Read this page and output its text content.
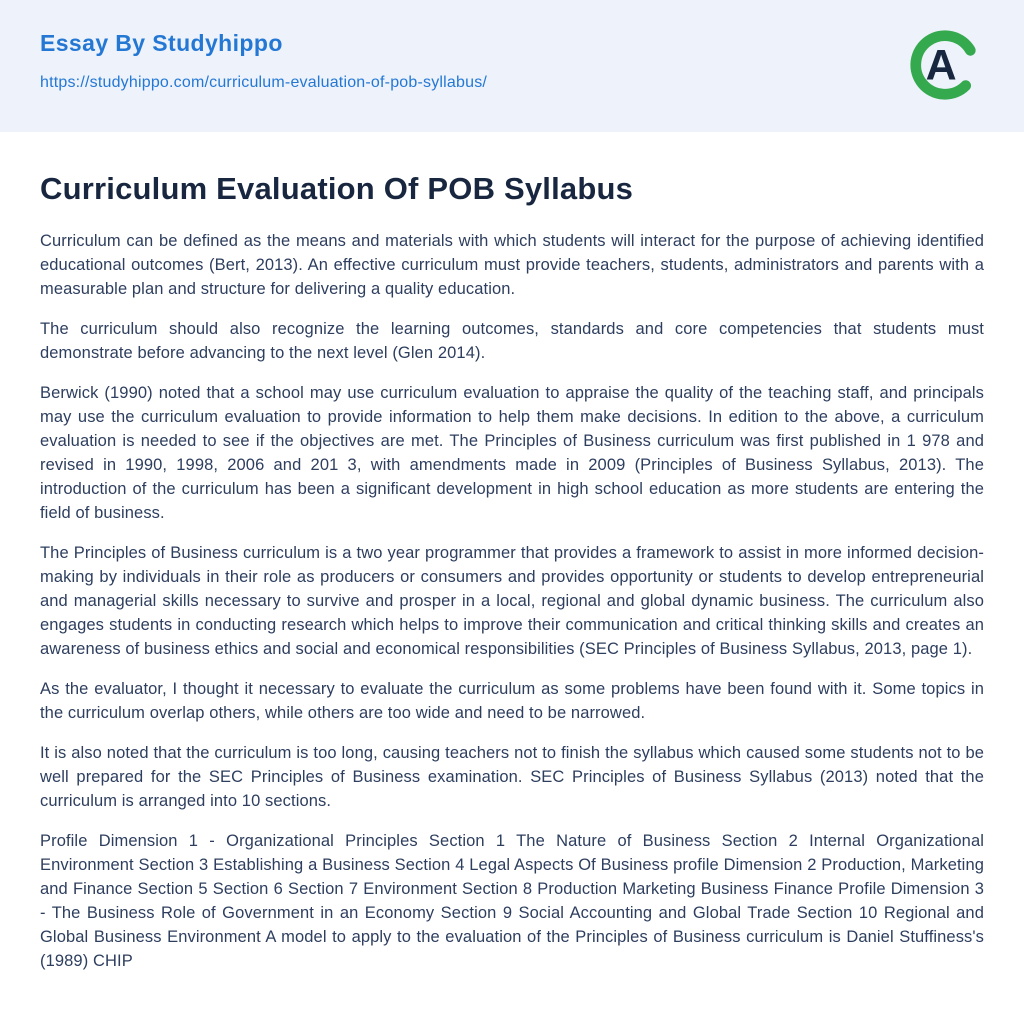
Essay By Studyhippo
https://studyhippo.com/curriculum-evaluation-of-pob-syllabus/	A
Curriculum Evaluation Of POB Syllabus

Curriculum can be defined as the means and materials with which students will interact for the purpose of achieving identified educational outcomes (Bert, 2013). An effective curriculum must provide teachers, students, administrators and parents with a measurable plan and structure for delivering a quality education.

The curriculum should also recognize the learning outcomes, standards and core competencies that students must demonstrate before advancing to the next level (Glen 2014).

Berwick (1990) noted that a school may use curriculum evaluation to appraise the quality of the teaching staff, and principals may use the curriculum evaluation to provide information to help them make decisions. In edition to the above, a curriculum evaluation is needed to see if the objectives are met. The Principles of Business curriculum was first published in 1 978 and revised in 1990, 1998, 2006 and 201 3, with amendments made in 2009 (Principles of Business Syllabus, 2013). The introduction of the curriculum has been a significant development in high school education as more students are entering the field of business.

The Principles of Business curriculum is a two year programmer that provides a framework to assist in more informed decision-making by individuals in their role as producers or consumers and provides opportunity or students to develop entrepreneurial and managerial skills necessary to survive and prosper in a local, regional and global dynamic business. The curriculum also engages students in conducting research which helps to improve their communication and critical thinking skills and creates an awareness of business ethics and social and economical responsibilities (SEC Principles of Business Syllabus, 2013, page 1).

As the evaluator, I thought it necessary to evaluate the curriculum as some problems have been found with it. Some topics in the curriculum overlap others, while others are too wide and need to be narrowed.

It is also noted that the curriculum is too long, causing teachers not to finish the syllabus which caused some students not to be well prepared for the SEC Principles of Business examination. SEC Principles of Business Syllabus (2013) noted that the curriculum is arranged into 10 sections.

Profile Dimension 1 - Organizational Principles Section 1 The Nature of Business Section 2 Internal Organizational Environment Section 3 Establishing a Business Section 4 Legal Aspects Of Business profile Dimension 2 Production, Marketing and Finance Section 5 Section 6 Section 7 Environment Section 8 Production Marketing Business Finance Profile Dimension 3 - The Business Role of Government in an Economy Section 9 Social Accounting and Global Trade Section 10 Regional and Global Business Environment A model to apply to the evaluation of the Principles of Business curriculum is Daniel Stuffiness's (1989) CHIP
